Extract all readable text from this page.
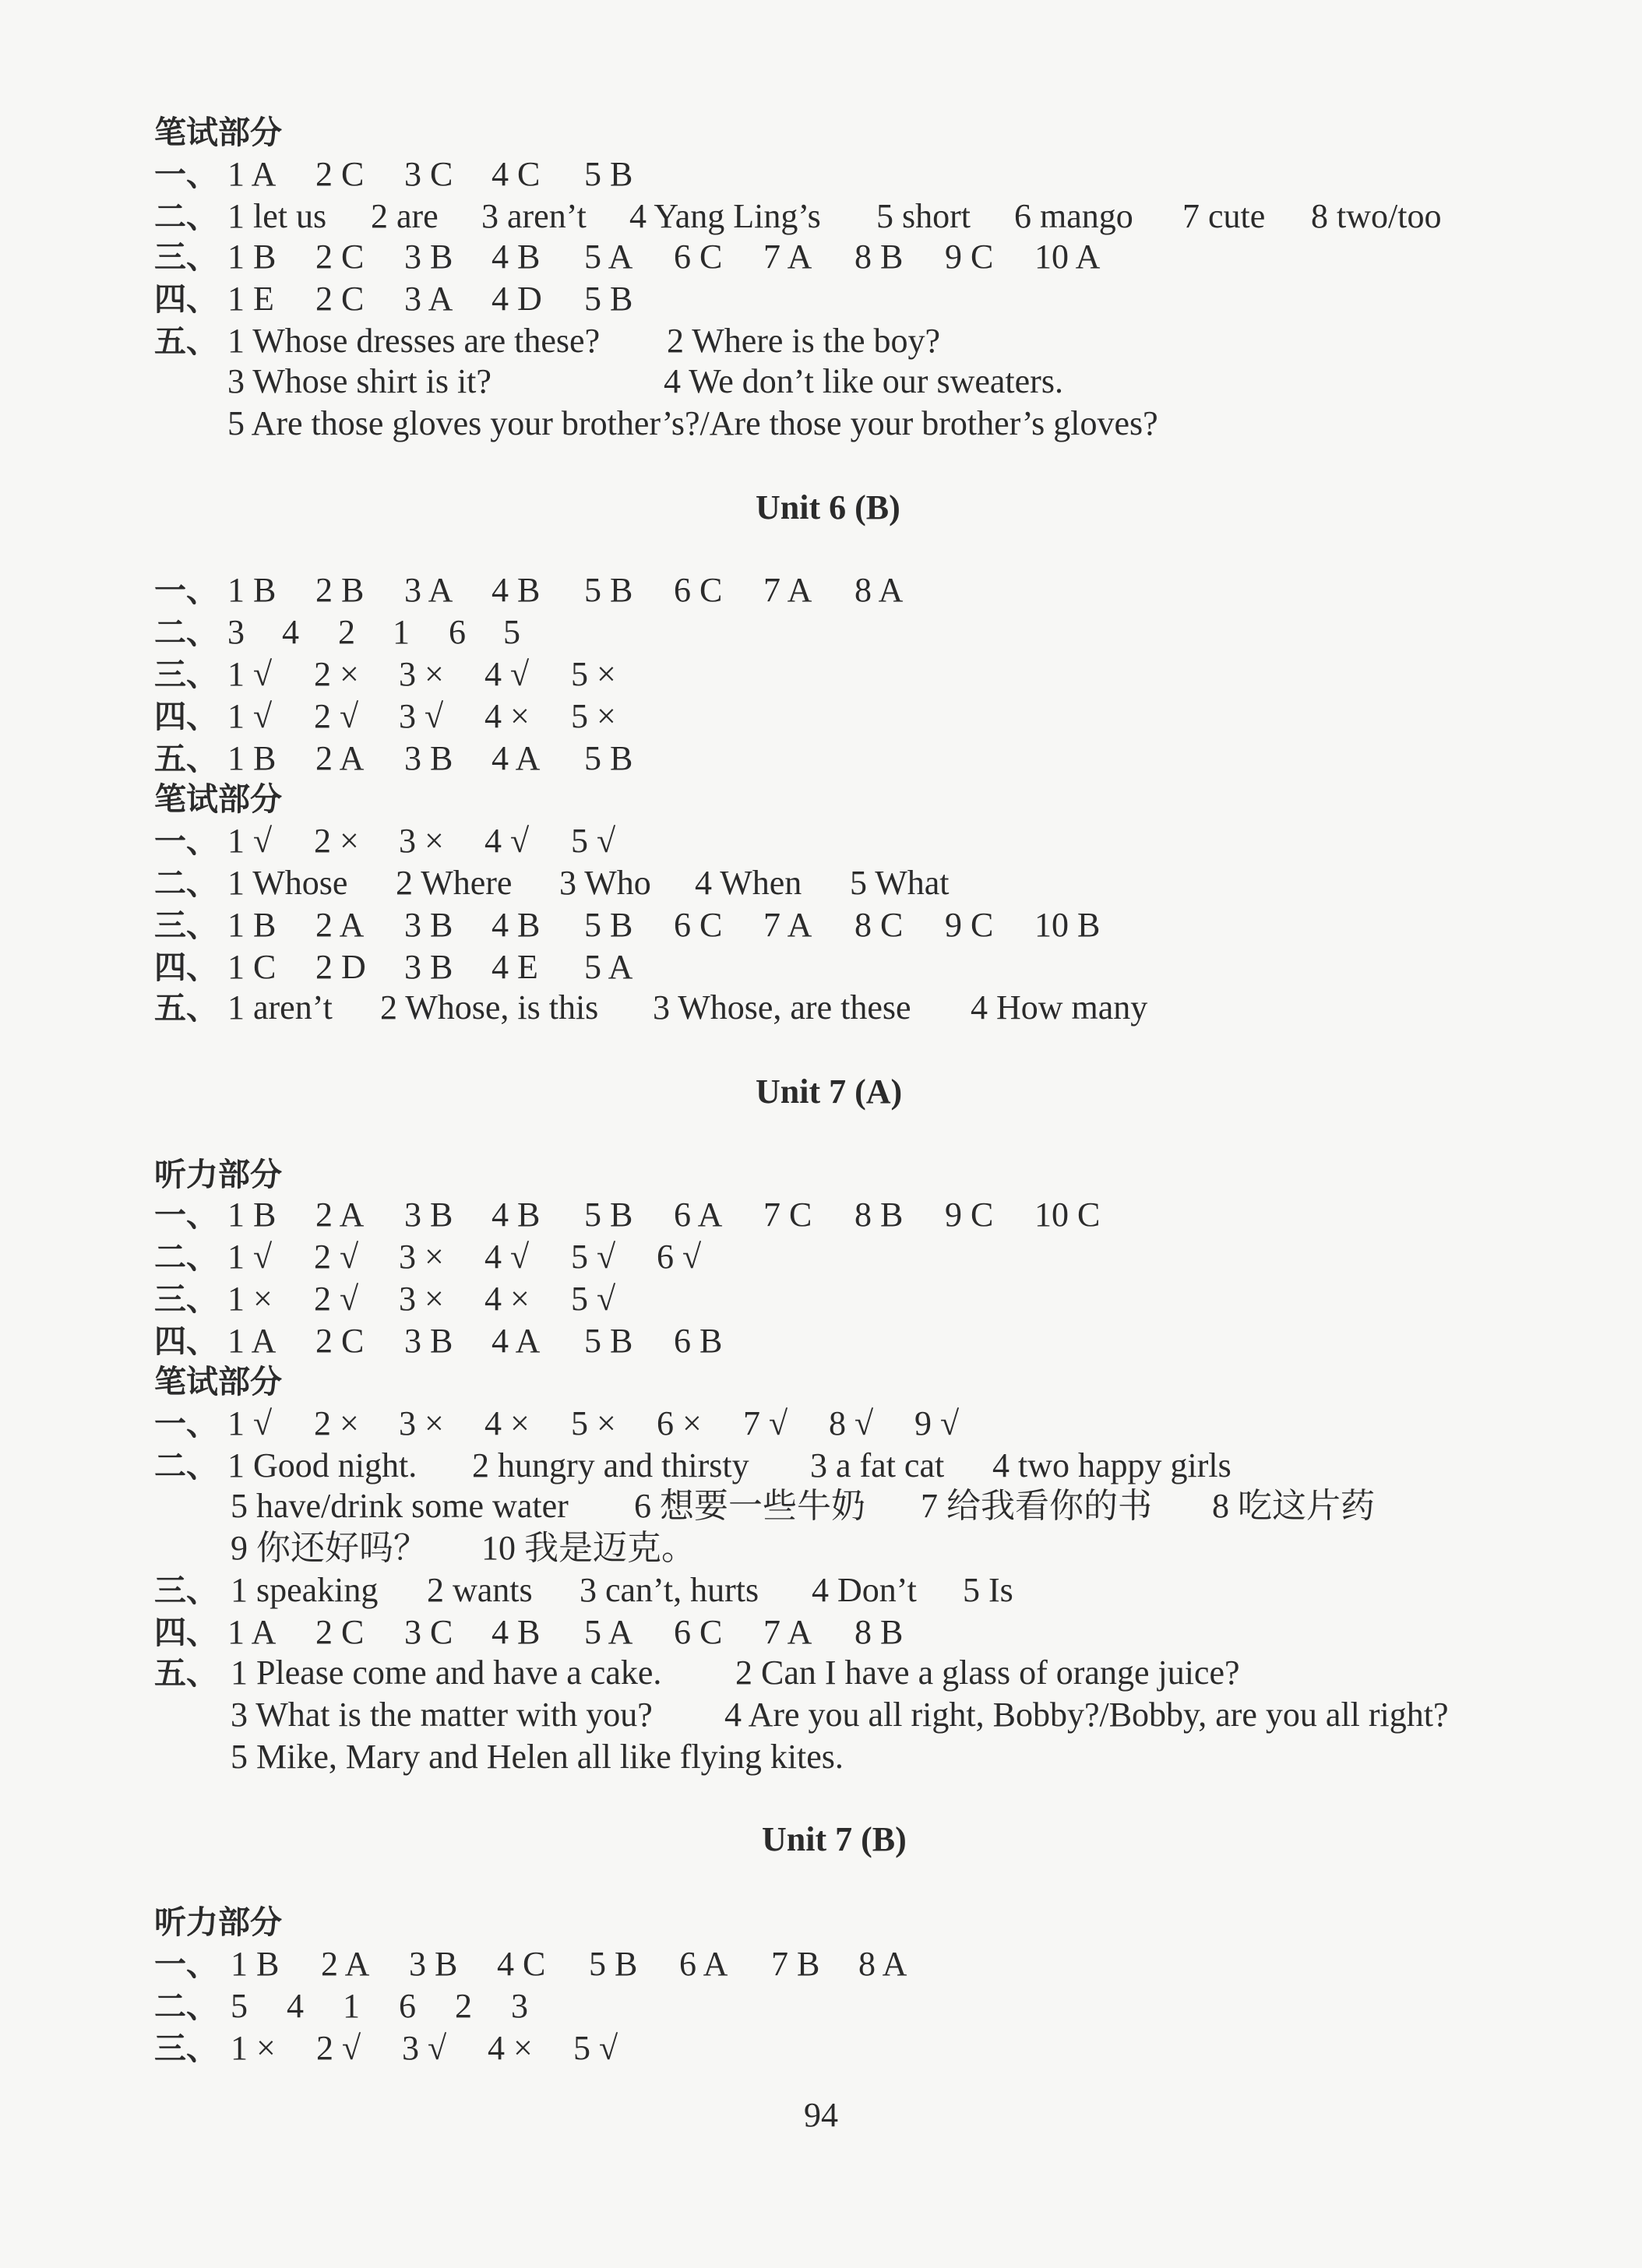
笔试部分
一、 1 A 2 C 3 C 4 C 5 B
二、 1 let us 2 are 3 aren’t 4 Yang Ling’s 5 short 6 mango 7 cute 8 two/too
三、 1 B 2 C 3 B 4 B 5 A 6 C 7 A 8 B 9 C 10 A
四、 1 E 2 C 3 A 4 D 5 B
五、 1 Whose dresses are these? 2 Where is the boy?
3 Whose shirt is it?	4 We don’t like our sweaters.
5 Are those gloves your brother’s?/Are those your brother’s gloves?
Unit 6 (B)
一、 1 B 2 B 3 A 4 B 5 B 6 C 7 A 8 A
二、 3 4 2 1 6 5
三、 1 √ 2 × 3 × 4 √ 5 ×
四、 1 √ 2 √ 3 √ 4 × 5 ×
五、 1 B 2 A 3 B 4 A 5 B
笔试部分
一、 1 √ 2 × 3 × 4 √ 5 √
二、 1 Whose 2 Where 3 Who 4 When 5 What
三、 1 B 2 A 3 B 4 B 5 B 6 C 7 A 8 C 9 C 10 B
四、 1 C 2 D 3 B 4 E 5 A
五、 1 aren’t 2 Whose, is this 3 Whose, are these 4 How many
Unit 7 (A)
听力部分
一、 1 B 2 A 3 B 4 B 5 B 6 A 7 C 8 B 9 C 10 C
二、 1 √ 2 √ 3 × 4 √ 5 √ 6 √
三、 1 × 2 √ 3 × 4 × 5 √
四、 1 A 2 C 3 B 4 A 5 B 6 B
笔试部分
一、 1 √ 2 × 3 × 4 × 5 × 6 × 7 √ 8 √ 9 √
二、 1 Good night. 2 hungry and thirsty 3 a fat cat 4 two happy girls
5 have/drink some water 6 想要一些牛奶 7 给我看你的书 8 吃这片药
9 你还好吗？ 10 我是迈克。
三、 1 speaking 2 wants 3 can’t, hurts 4 Don’t 5 Is
四、 1 A 2 C 3 C 4 B 5 A 6 C 7 A 8 B
五、 1 Please come and have a cake. 2 Can I have a glass of orange juice?
3 What is the matter with you? 4 Are you all right, Bobby?/Bobby, are you all right?
5 Mike, Mary and Helen all like flying kites.
Unit 7 (B)
听力部分
一、 1 B 2 A 3 B 4 C 5 B 6 A 7 B 8 A
二、 5 4 1 6 2 3
三、 1 × 2 √ 3 √ 4 × 5 √
94
